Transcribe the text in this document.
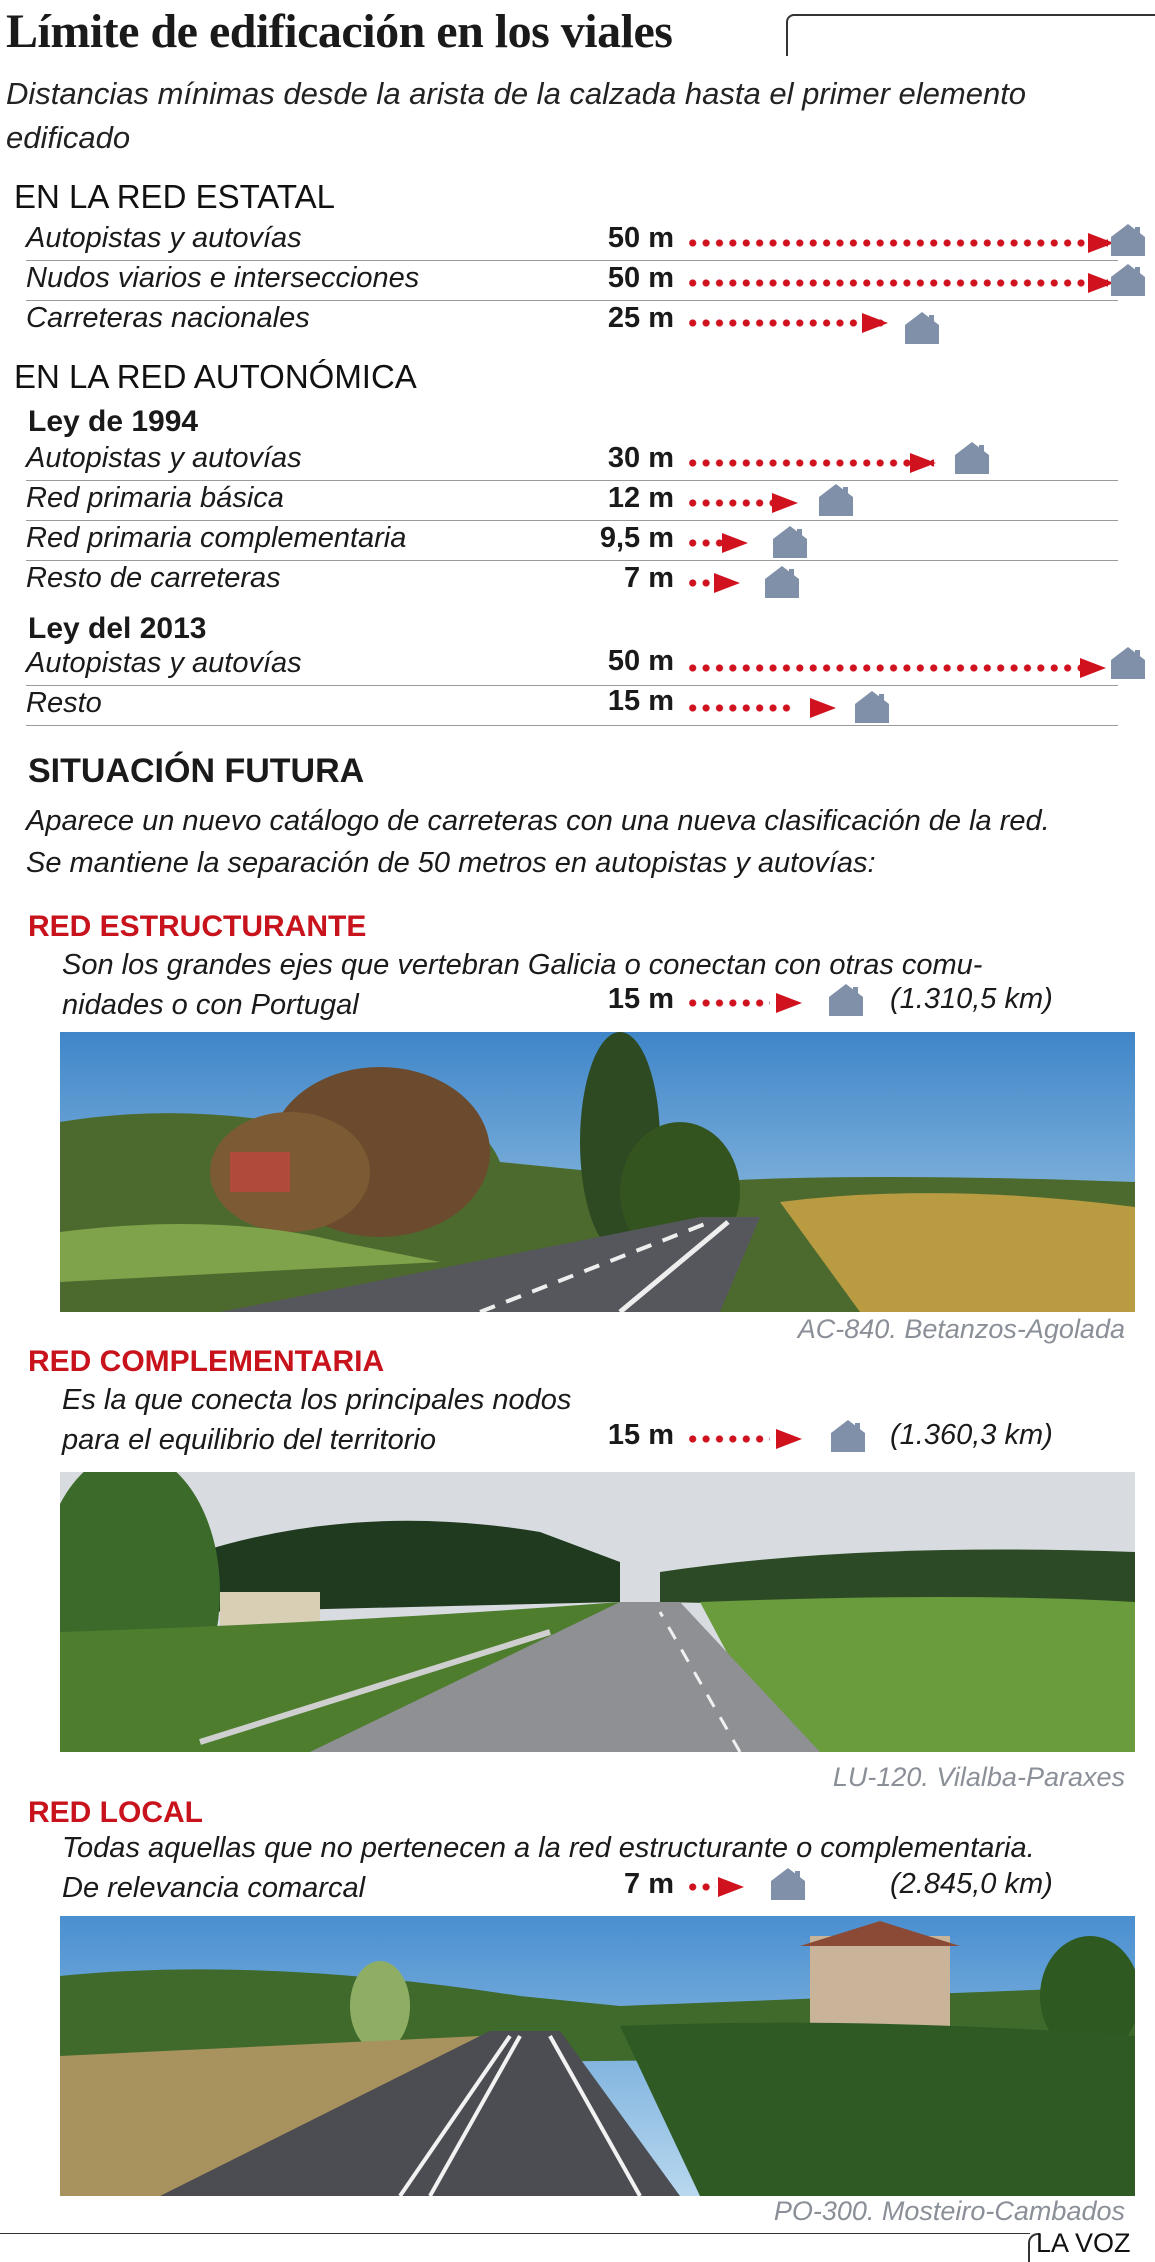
Límite de edificación en los viales
Distancias mínimas desde la arista de la calzada hasta el primer elemento edificado
EN LA RED ESTATAL
Autopistas y autovías	50 m
Nudos viarios e intersecciones	50 m
Carreteras nacionales	25 m
EN LA RED AUTONÓMICA
Ley de 1994
Autopistas y autovías	30 m
Red primaria básica	12 m
Red primaria complementaria	9,5 m
Resto de carreteras	7 m
Ley del 2013
Autopistas y autovías	50 m
Resto	15 m
SITUACIÓN FUTURA
Aparece un nuevo catálogo de carreteras con una nueva clasificación de la red.
Se mantiene la separación de 50 metros en autopistas y autovías:
RED ESTRUCTURANTE
Son los grandes ejes que vertebran Galicia o conectan con otras comu-
nidades o con Portugal	15 m	(1.310,5 km)
AC-840. Betanzos-Agolada
RED COMPLEMENTARIA
Es la que conecta los principales nodos
para el equilibrio del territorio	15 m	(1.360,3 km)
LU-120. Vilalba-Paraxes
RED LOCAL
Todas aquellas que no pertenecen a la red estructurante o complementaria.
De relevancia comarcal	7 m	(2.845,0 km)
PO-300. Mosteiro-Cambados
LA VOZ
